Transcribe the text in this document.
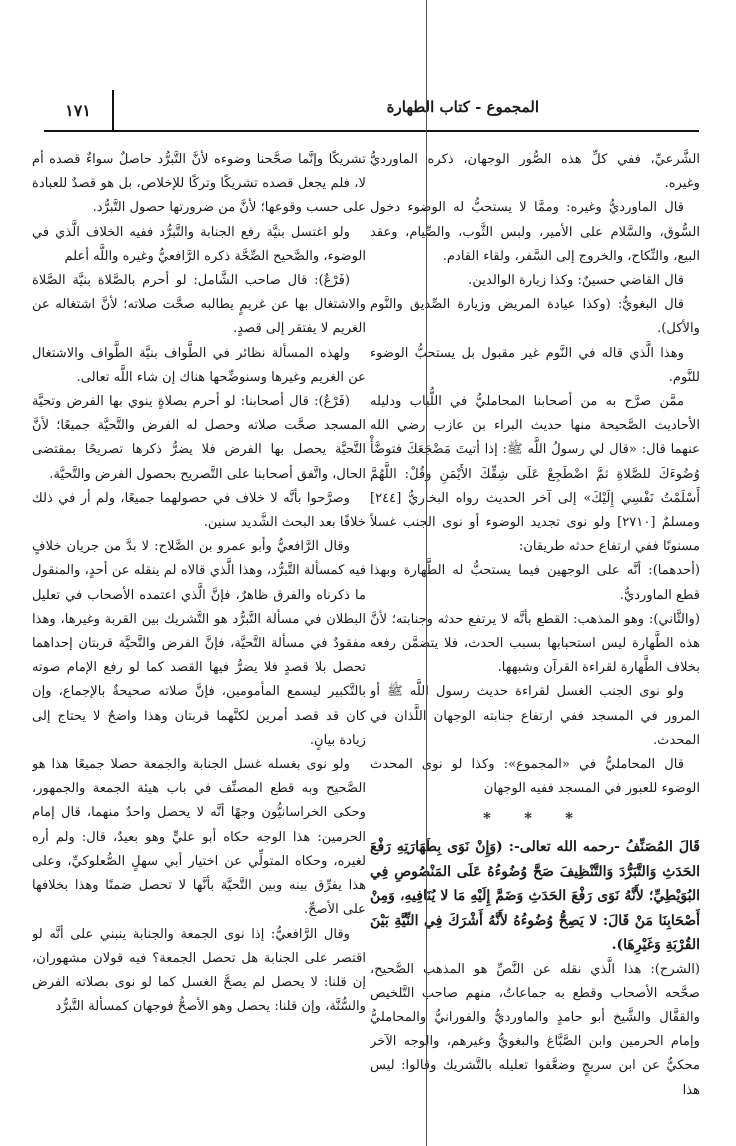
المجموع - كتاب الطهارة
١٧١

الشَّرعيِّ، ففي كلِّ هذه الصُّور الوجهان، ذكره الماورديُّ وغيره.

قال الماورديُّ وغيره: وممَّا لا يستحبُّ له الوضوء دخول السُّوق، والسَّلام على الأمير، ولبس الثَّوب، والصِّيام، وعقد البيع، والنِّكاح، والخروج إلى السَّفر، ولقاء القادم.

قال القاضي حسينٌ: وكذا زيارة الوالدين.

قال البغويُّ: (وكذا عيادة المريض وزيارة الصِّديق والنَّوم والأكل).

وهذا الَّذي قاله في النَّوم غير مقبول بل يستحبُّ الوضوء للنَّوم.

ممَّن صرَّح به من أصحابنا المحامليُّ في اللُّباب ودليله الأحاديث الصَّحيحة منها حديث البراء بن عازب رضي الله عنهما قال: «قال لي رسولُ اللَّه ﷺ: إذا أتيتَ مَضْجَعَكَ فتوضَّأْ وُضُوءَكَ للصَّلاةِ ثمَّ اضْطَجِعْ عَلَى شِقِّكَ الأَيْمَنِ وقُلْ: اللَّهُمَّ أَسْلَمْتُ نَفْسِي إِلَيْكَ» إلى آخر الحديث رواه البخاريُّ [٢٤٤] ومسلمٌ [٢٧١٠] ولو نوى تجديد الوضوء أو نوى الجنب غسلاً مسنونًا ففي ارتفاع حدثه طريقان:

(أحدهما): أنَّه على الوجهين فيما يستحبُّ له الطَّهارة وبهذا قطع الماورديُّ.

(والثَّاني): وهو المذهب: القطع بأنَّه لا يرتفع حدثه وجنابته؛ لأنَّ هذه الطَّهارة ليس استحبابها بسبب الحدث، فلا يتضمَّن رفعه بخلاف الطَّهارة لقراءة القرآن وشبهها.

ولو نوى الجنب الغسل لقراءة حديث رسول اللَّه ﷺ أو المرور في المسجد ففي ارتفاع جنابته الوجهان اللَّذان في المحدث.

قال المحامليُّ في «المجموع»: وكذا لو نوى المحدث الوضوء للعبور في المسجد ففيه الوجهان

* * *

قَالَ المُصَنِّفُ -رحمه الله تعالى-: (وَإِنْ نَوَى بِطَهَارَتِهِ رَفْعَ الحَدَثِ وَالتَّبَرُّدَ وَالتَّنْظِيفَ صَحَّ وُضُوءُهُ عَلَى المَنْصُوصِ فِي البُوَيْطِيِّ؛ لأَنَّهُ نَوَى رَفْعَ الحَدَثِ وَضَمَّ إِلَيْهِ مَا لا يُنَافِيهِ، وَمِنْ أَصْحَابِنَا مَنْ قَالَ: لا يَصِحُّ وُضُوءُهُ لأَنَّهُ أَشْرَكَ فِي النِّيَّةِ بَيْنَ القُرْبَةِ وَغَيْرِهَا).

(الشرح): هذا الَّذي نقله عن النَّصِّ هو المذهب الصَّحيح، صحَّحه الأصحاب وقطع به جماعاتٌ، منهم صاحب التَّلخيص والقفَّال والشَّيخ أبو حامدٍ والماورديُّ والفورانيُّ والمحامليُّ وإمام الحرمين وابن الصَّبَّاغ والبغويُّ وغيرهم، والوجه الآخر محكيٌّ عن ابن سريجٍ وضعَّفوا تعليله بالتَّشريك وقالوا: ليس هذا

تشريكًا وإنَّما صحَّحنا وضوءه لأنَّ التَّبرُّد حاصلٌ سواءٌ قصده أم لا، فلم يجعل قصده تشريكًا وتركًا للإخلاص، بل هو قصدٌ للعبادة على حسب وقوعها؛ لأنَّ من ضرورتها حصول التَّبرُّد.

ولو اغتسل بنيَّة رفع الجنابة والتَّبرُّد ففيه الخلاف الَّذي في الوضوء، والصَّحيح الصِّحَّة ذكره الرَّافعيُّ وغيره واللَّه أعلم

(فَرْعٌ): قال صاحب الشَّامل: لو أحرم بالصَّلاة بنيَّة الصَّلاة والاشتغال بها عن غريمٍ يطالبه صحَّت صلاته؛ لأنَّ اشتغاله عن الغريم لا يفتقر إلى قصدٍ.

ولهذه المسألة نظائر في الطَّواف بنيَّة الطَّواف والاشتغال عن الغريم وغيرها وسنوضِّحها هناك إن شاء اللَّه تعالى.

(فَرْعٌ): قال أصحابنا: لو أحرم بصلاةٍ ينوي بها الفرض وتحيَّة المسجد صحَّت صلاته وحصل له الفرض والتَّحيَّة جميعًا؛ لأنَّ التَّحيَّة يحصل بها الفرض فلا يضرُّ ذكرها تصريحًا بمقتضى الحال، واتَّفق أصحابنا على التَّصريح بحصول الفرض والتَّحيَّة.

وصرَّحوا بأنَّه لا خلاف في حصولهما جميعًا، ولم أر في ذلك خلافًا بعد البحث الشَّديد سنين.

وقال الرَّافعيُّ وأبو عمرو بن الصَّلاح: لا بدَّ من جريان خلافٍ فيه كمسألة التَّبرُّد، وهذا الَّذي قالاه لم ينقله عن أحدٍ، والمنقول ما ذكرناه والفرق ظاهرٌ، فإنَّ الَّذي اعتمده الأصحاب في تعليل البطلان في مسألة التَّبرُّد هو التَّشريك بين القربة وغيرها، وهذا مفقودٌ في مسألة التَّحيَّة، فإنَّ الفرض والتَّحيَّة قربتان إحداهما تحصل بلا قصدٍ فلا يضرُّ فيها القصد كما لو رفع الإمام صوته بالتَّكبير ليسمع المأمومين، فإنَّ صلاته صحيحةٌ بالإجماع، وإن كان قد قصد أمرين لكنَّهما قربتان وهذا واضحٌ لا يحتاج إلى زيادة بيانٍ.

ولو نوى بغسله غسل الجنابة والجمعة حصلا جميعًا هذا هو الصَّحيح وبه قطع المصنِّف في باب هيئة الجمعة والجمهور، وحكى الخراسانيُّون وجهًا أنَّه لا يحصل واحدٌ منهما، قال إمام الحرمين: هذا الوجه حكاه أبو عليٍّ وهو بعيدٌ، قال: ولم أره لغيره، وحكاه المتولِّي عن اختيار أبي سهلٍ الصُّعلوكيِّ، وعلى هذا يفرِّق بينه وبين التَّحيَّة بأنَّها لا تحصل ضمنًا وهذا بخلافها على الأصحِّ.

وقال الرَّافعيُّ: إذا نوى الجمعة والجنابة ينبني على أنَّه لو اقتصر على الجنابة هل تحصل الجمعة؟ فيه قولان مشهوران، إن قلنا: لا يحصل لم يصحَّ الغسل كما لو نوى بصلاته الفرض والسُّنَّة، وإن قلنا: يحصل وهو الأصحُّ فوجهان كمسألة التَّبرُّد
